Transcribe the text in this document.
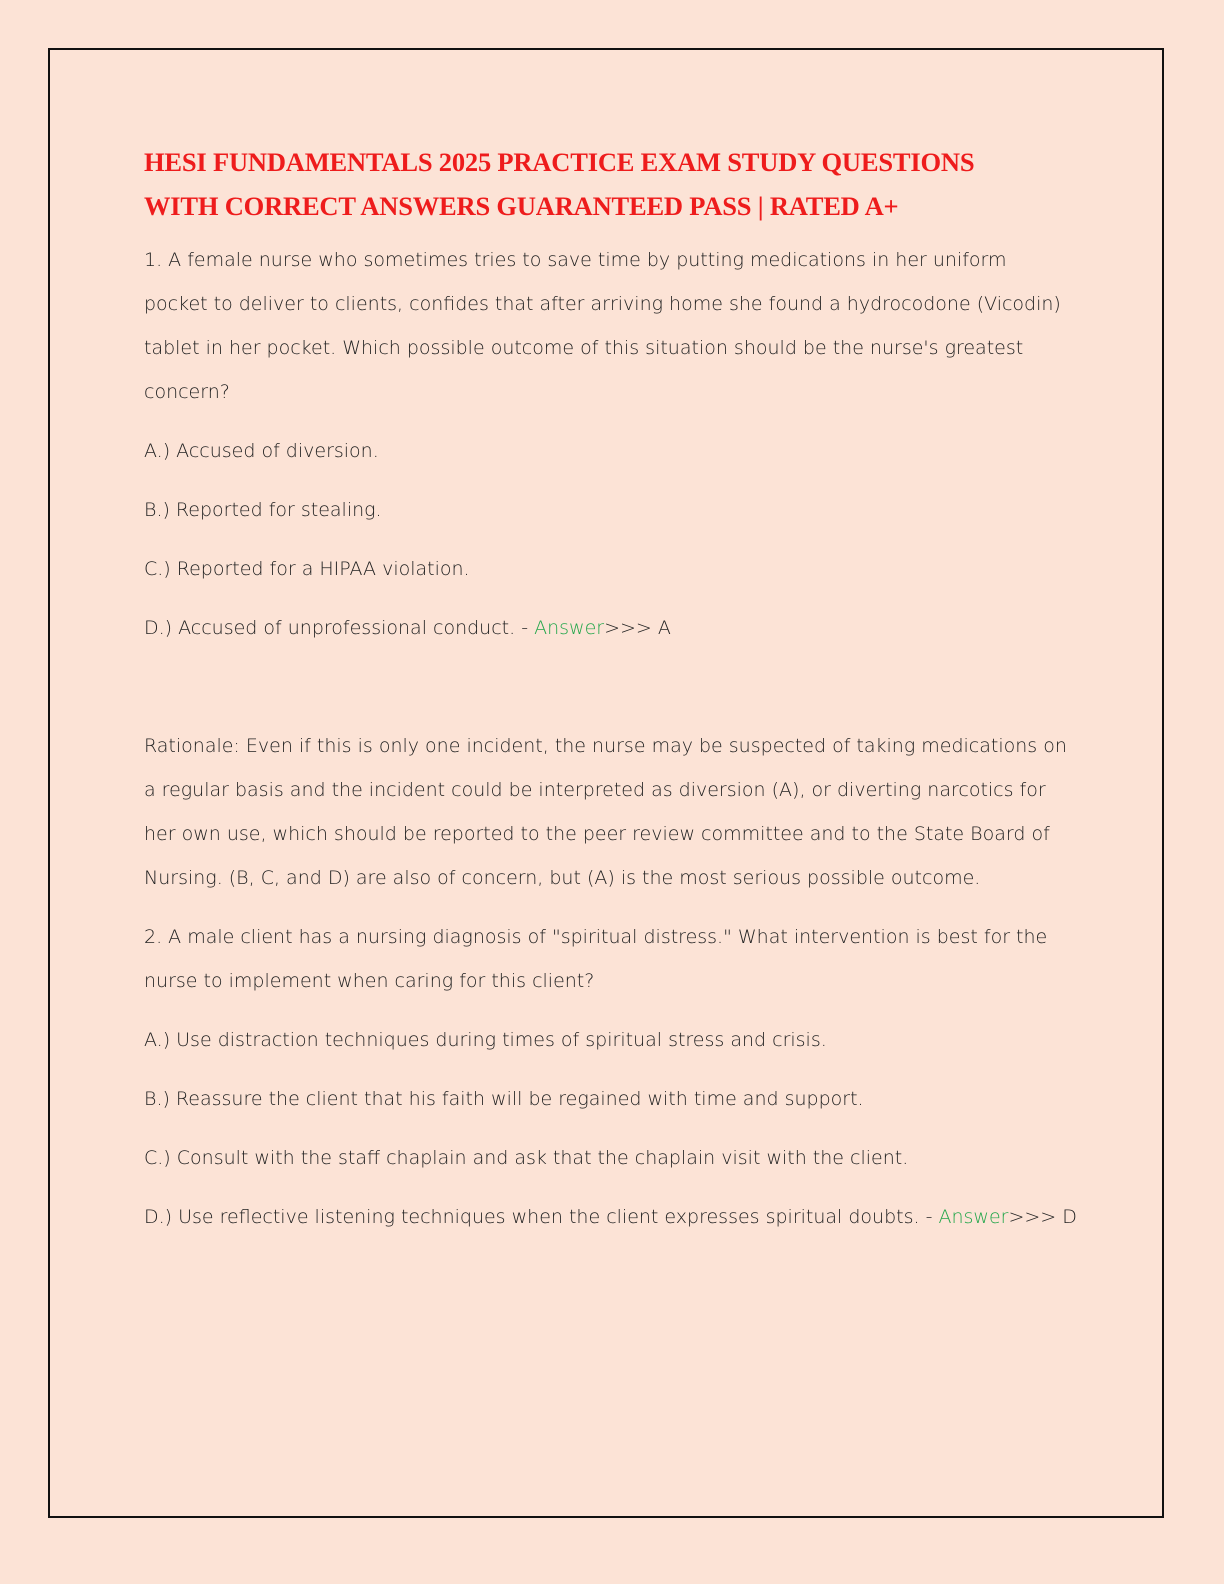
HESI FUNDAMENTALS 2025 PRACTICE EXAM STUDY QUESTIONS
WITH CORRECT ANSWERS GUARANTEED PASS | RATED A+

1. A female nurse who sometimes tries to save time by putting medications in her uniform
pocket to deliver to clients, confides that after arriving home she found a hydrocodone (Vicodin)
tablet in her pocket. Which possible outcome of this situation should be the nurse's greatest
concern?

A.) Accused of diversion.

B.) Reported for stealing.

C.) Reported for a HIPAA violation.

D.) Accused of unprofessional conduct. - Answer>>> A

Rationale: Even if this is only one incident, the nurse may be suspected of taking medications on
a regular basis and the incident could be interpreted as diversion (A), or diverting narcotics for
her own use, which should be reported to the peer review committee and to the State Board of
Nursing. (B, C, and D) are also of concern, but (A) is the most serious possible outcome.

2. A male client has a nursing diagnosis of "spiritual distress." What intervention is best for the
nurse to implement when caring for this client?

A.) Use distraction techniques during times of spiritual stress and crisis.

B.) Reassure the client that his faith will be regained with time and support.

C.) Consult with the staff chaplain and ask that the chaplain visit with the client.

D.) Use reflective listening techniques when the client expresses spiritual doubts. - Answer>>> D
